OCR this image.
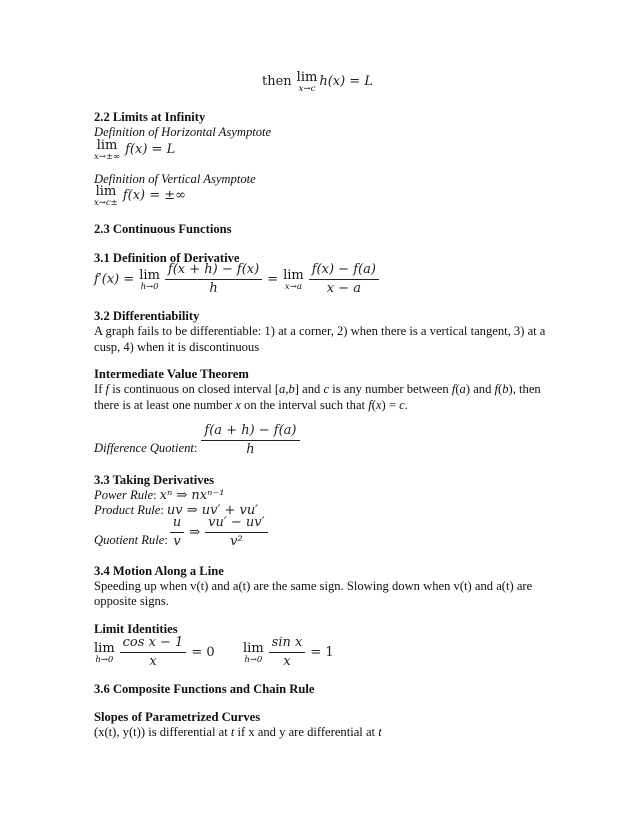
then lim
x→c h(x) = L
2.2 Limits at Infinity
Definition of Horizontal Asymptote
lim
x→±∞ f(x) = L
Definition of Vertical Asymptote
lim
x→c± f(x) = ±∞
2.3 Continuous Functions
3.1 Definition of Derivative
f′(x) = lim
$h\to 0 \frac{f(x + h) - f(x)}{h} = \lim$
$x\to a \frac{f(x) - f(a)}{x - a}$
3.2 Differentiability
A graph fails to be differentiable: 1) at a corner, 2) when there is a vertical tangent, 3) at a
cusp, 4) when it is discontinuous
Intermediate Value Theorem
If f is continuous on closed interval [a,b] and c is any number between f(a) and f(b), then
there is at least one number x on the interval such that f(x) = c.
Difference Quotient: $\frac{f(a + h) - f(a)}{h}$
3.3 Taking Derivatives
Power Rule : xⁿ ⇒ nxⁿ⁻¹
Product Rule : uv ⇒ uv′ + vu′
Quotient Rule: $\frac{u}{v}$ ⇒ $\frac{vu' - uv'}{\text{v²}}$
3.4 Motion Along a Line
Speeding up when v(t) and a(t) are the same sign. Slowing down when v(t) and a(t) are
opposite signs.
Limit Identities
lim
$h\to 0 \frac{\text{cos x − 1}}{x} = 0$ lim
$h\to 0 \frac{\text{sin x}}{x} = 1$
3.6 Composite Functions and Chain Rule
Slopes of Parametrized Curves
(x(t), y(t)) is differential at t if x and y are differential at t
